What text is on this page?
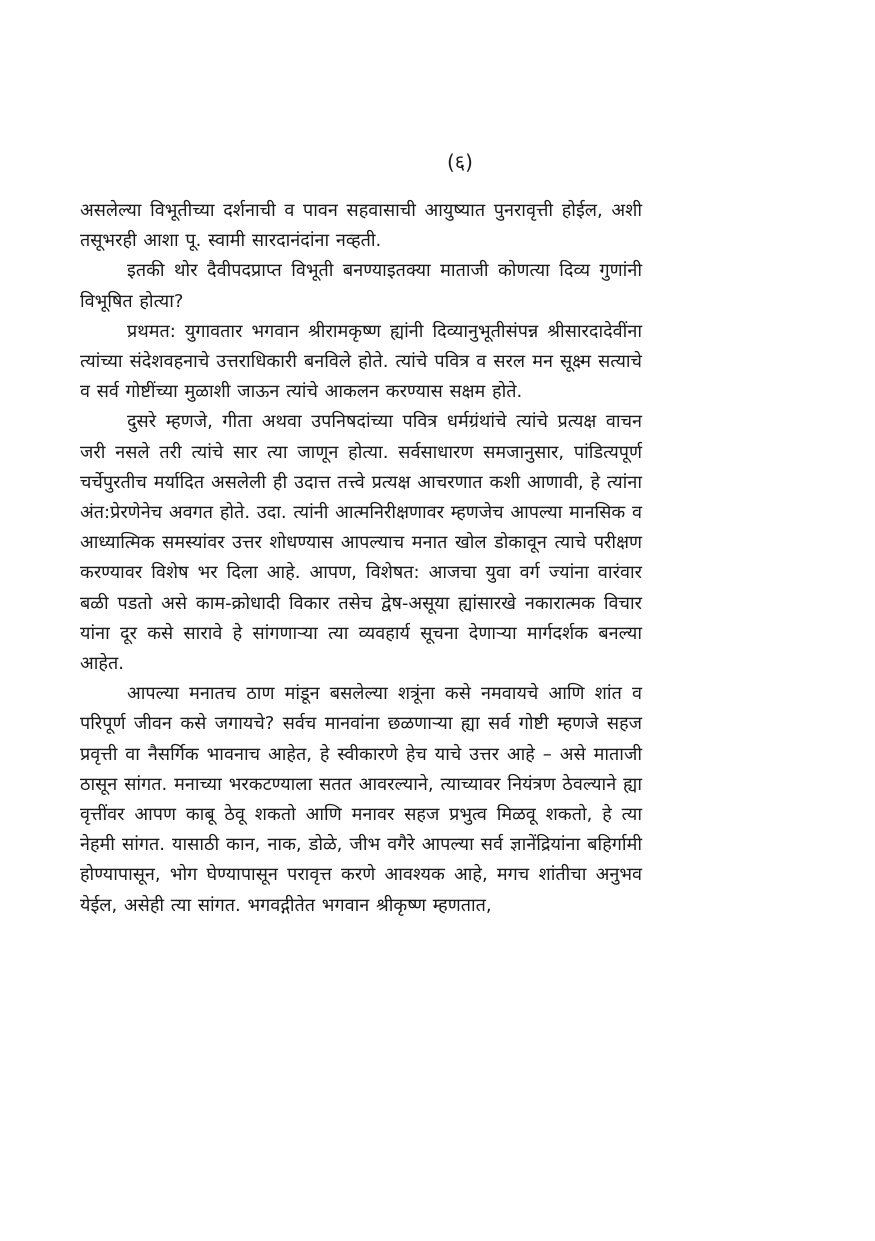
(६)

असलेल्या विभूतीच्या दर्शनाची व पावन सहवासाची आयुष्यात पुनरावृत्ती होईल, अशी तसूभरही आशा पू. स्वामी सारदानंदांना नव्हती.

इतकी थोर दैवीपदप्राप्त विभूती बनण्याइतक्या माताजी कोणत्या दिव्य गुणांनी विभूषित होत्या?

प्रथमत: युगावतार भगवान श्रीरामकृष्ण ह्यांनी दिव्यानुभूतीसंपन्न श्रीसारदादेवींना त्यांच्या संदेशवहनाचे उत्तराधिकारी बनविले होते. त्यांचे पवित्र व सरल मन सूक्ष्म सत्याचे व सर्व गोष्टींच्या मुळाशी जाऊन त्यांचे आकलन करण्यास सक्षम होते.

दुसरे म्हणजे, गीता अथवा उपनिषदांच्या पवित्र धर्मग्रंथांचे त्यांचे प्रत्यक्ष वाचन जरी नसले तरी त्यांचे सार त्या जाणून होत्या. सर्वसाधारण समजानुसार, पांडित्यपूर्ण चर्चेपुरतीच मर्यादित असलेली ही उदात्त तत्त्वे प्रत्यक्ष आचरणात कशी आणावी, हे त्यांना अंत:प्रेरणेनेच अवगत होते. उदा. त्यांनी आत्मनिरीक्षणावर म्हणजेच आपल्या मानसिक व आध्यात्मिक समस्यांवर उत्तर शोधण्यास आपल्याच मनात खोल डोकावून त्याचे परीक्षण करण्यावर विशेष भर दिला आहे. आपण, विशेषत: आजचा युवा वर्ग ज्यांना वारंवार बळी पडतो असे काम-क्रोधादी विकार तसेच द्वेष-असूया ह्यांसारखे नकारात्मक विचार यांना दूर कसे सारावे हे सांगणाऱ्या त्या व्यवहार्य सूचना देणाऱ्या मार्गदर्शक बनल्या आहेत.

आपल्या मनातच ठाण मांडून बसलेल्या शत्रूंना कसे नमवायचे आणि शांत व परिपूर्ण जीवन कसे जगायचे? सर्वच मानवांना छळणाऱ्या ह्या सर्व गोष्टी म्हणजे सहज प्रवृत्ती वा नैसर्गिक भावनाच आहेत, हे स्वीकारणे हेच याचे उत्तर आहे – असे माताजी ठासून सांगत. मनाच्या भरकटण्याला सतत आवरल्याने, त्याच्यावर नियंत्रण ठेवल्याने ह्या वृत्तींवर आपण काबू ठेवू शकतो आणि मनावर सहज प्रभुत्व मिळवू शकतो, हे त्या नेहमी सांगत. यासाठी कान, नाक, डोळे, जीभ वगैरे आपल्या सर्व ज्ञानेंद्रियांना बहिर्गामी होण्यापासून, भोग घेण्यापासून परावृत्त करणे आवश्यक आहे, मगच शांतीचा अनुभव येईल, असेही त्या सांगत. भगवद्गीतेत भगवान श्रीकृष्ण म्हणतात,
